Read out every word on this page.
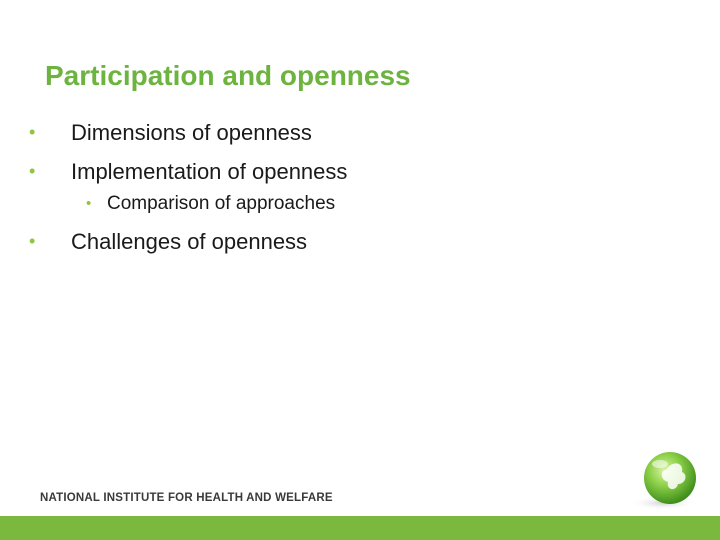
Participation and openness
• Dimensions of openness
• Implementation of openness
• Comparison of approaches
• Challenges of openness
NATIONAL INSTITUTE FOR HEALTH AND WELFARE
